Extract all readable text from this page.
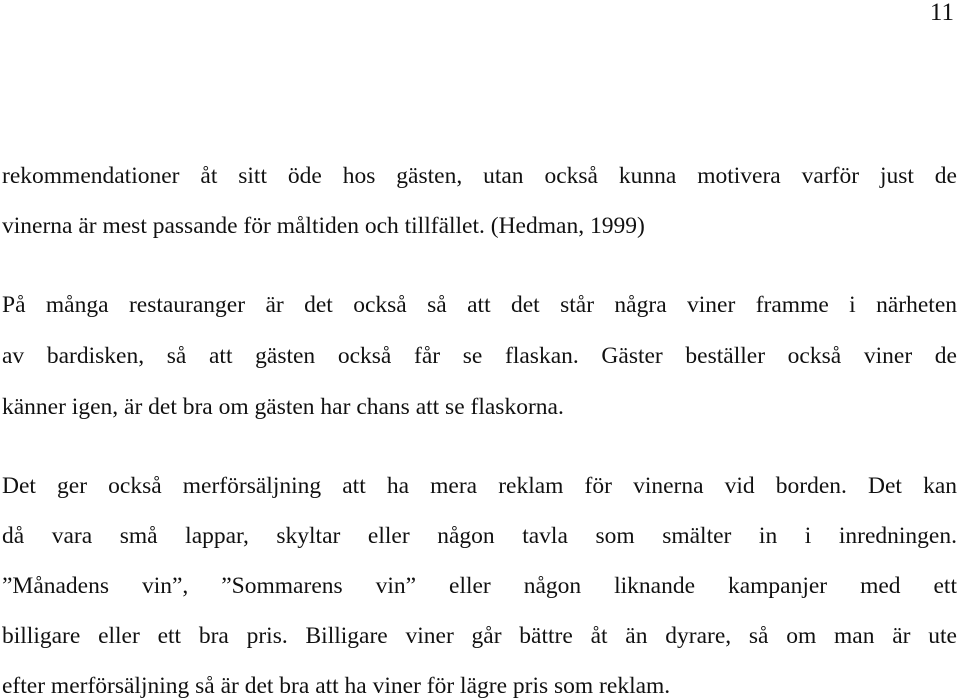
11
rekommendationer åt sitt öde hos gästen, utan också kunna motivera varför just de
vinerna är mest passande för måltiden och tillfället. (Hedman, 1999)
På många restauranger är det också så att det står några viner framme i närheten
av bardisken, så att gästen också får se flaskan. Gäster beställer också viner de
känner igen, är det bra om gästen har chans att se flaskorna.
Det ger också merförsäljning att ha mera reklam för vinerna vid borden. Det kan
då vara små lappar, skyltar eller någon tavla som smälter in i inredningen.
”Månadens vin”, ”Sommarens vin” eller någon liknande kampanjer med ett
billigare eller ett bra pris. Billigare viner går bättre åt än dyrare, så om man är ute
efter merförsäljning så är det bra att ha viner för lägre pris som reklam.
